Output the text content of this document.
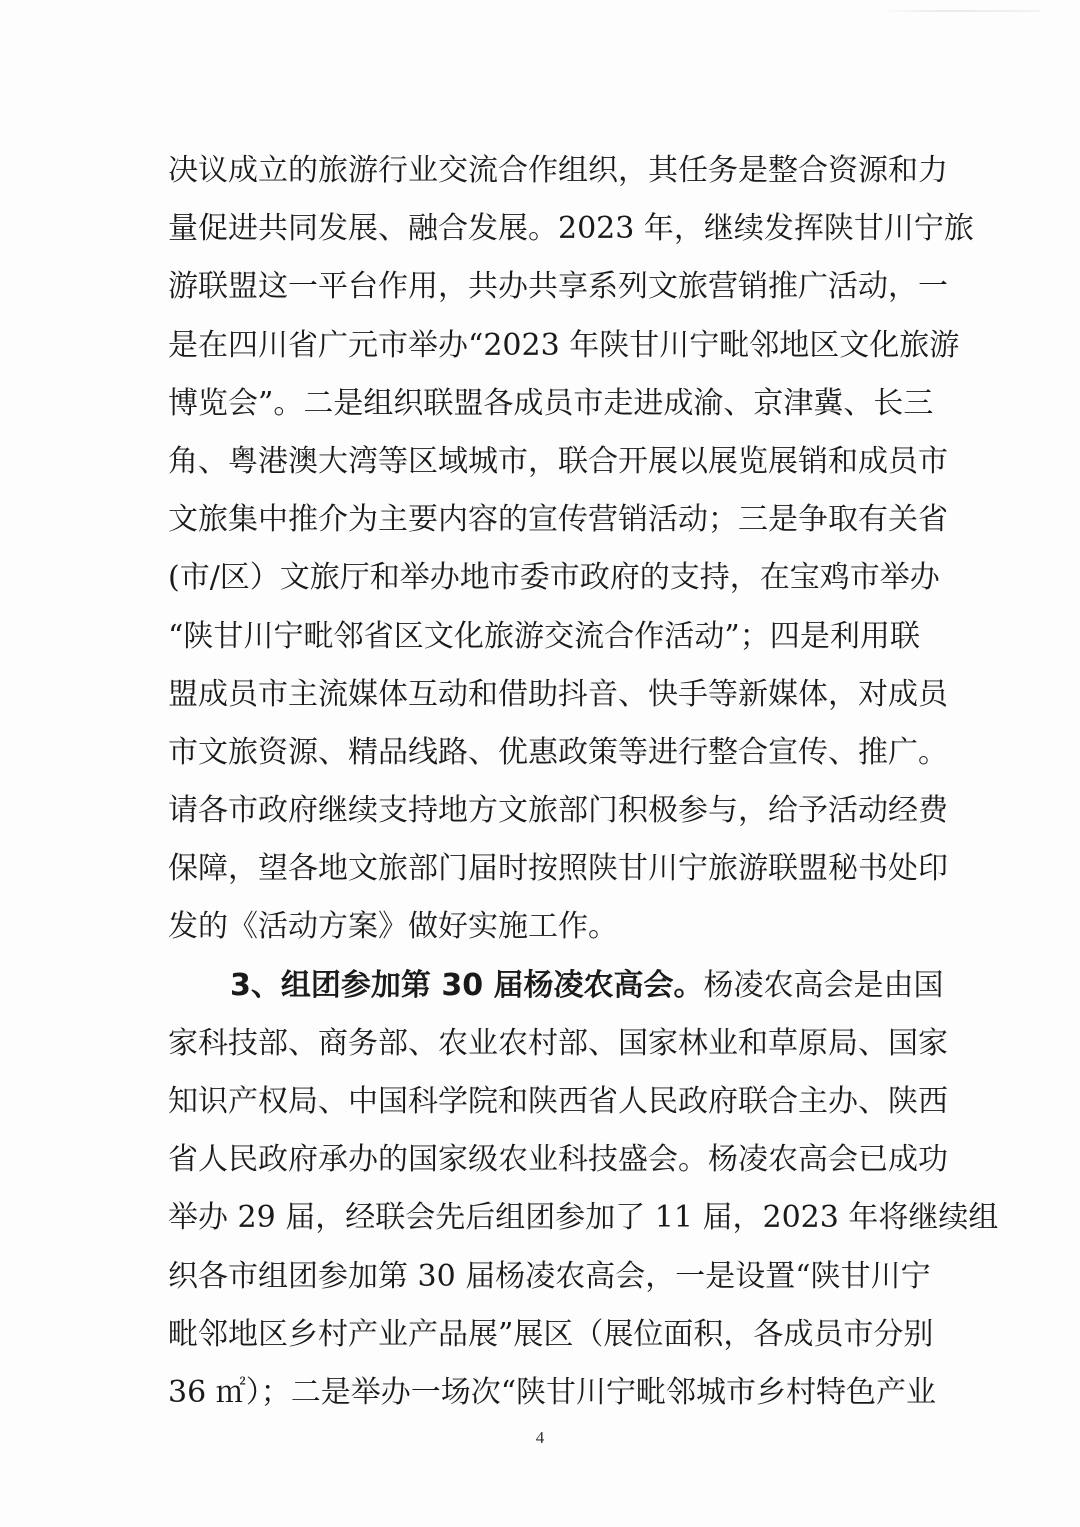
决议成立的旅游行业交流合作组织，其任务是整合资源和力
量促进共同发展、融合发展。2023 年，继续发挥陕甘川宁旅
游联盟这一平台作用，共办共享系列文旅营销推广活动，一
是在四川省广元市举办“2023 年陕甘川宁毗邻地区文化旅游
博览会”。二是组织联盟各成员市走进成渝、京津冀、长三
角、粤港澳大湾等区域城市，联合开展以展览展销和成员市
文旅集中推介为主要内容的宣传营销活动；三是争取有关省
(市/区）文旅厅和举办地市委市政府的支持，在宝鸡市举办
“陕甘川宁毗邻省区文化旅游交流合作活动”；四是利用联
盟成员市主流媒体互动和借助抖音、快手等新媒体，对成员
市文旅资源、精品线路、优惠政策等进行整合宣传、推广。
请各市政府继续支持地方文旅部门积极参与，给予活动经费
保障，望各地文旅部门届时按照陕甘川宁旅游联盟秘书处印
发的《活动方案》做好实施工作。
3、组团参加第 30 届杨凌农高会。杨凌农高会是由国
家科技部、商务部、农业农村部、国家林业和草原局、国家
知识产权局、中国科学院和陕西省人民政府联合主办、陕西
省人民政府承办的国家级农业科技盛会。杨凌农高会已成功
举办 29 届，经联会先后组团参加了 11 届，2023 年将继续组
织各市组团参加第 30 届杨凌农高会，一是设置“陕甘川宁
毗邻地区乡村产业产品展”展区（展位面积，各成员市分别
36 ㎡）；二是举办一场次“陕甘川宁毗邻城市乡村特色产业
4
